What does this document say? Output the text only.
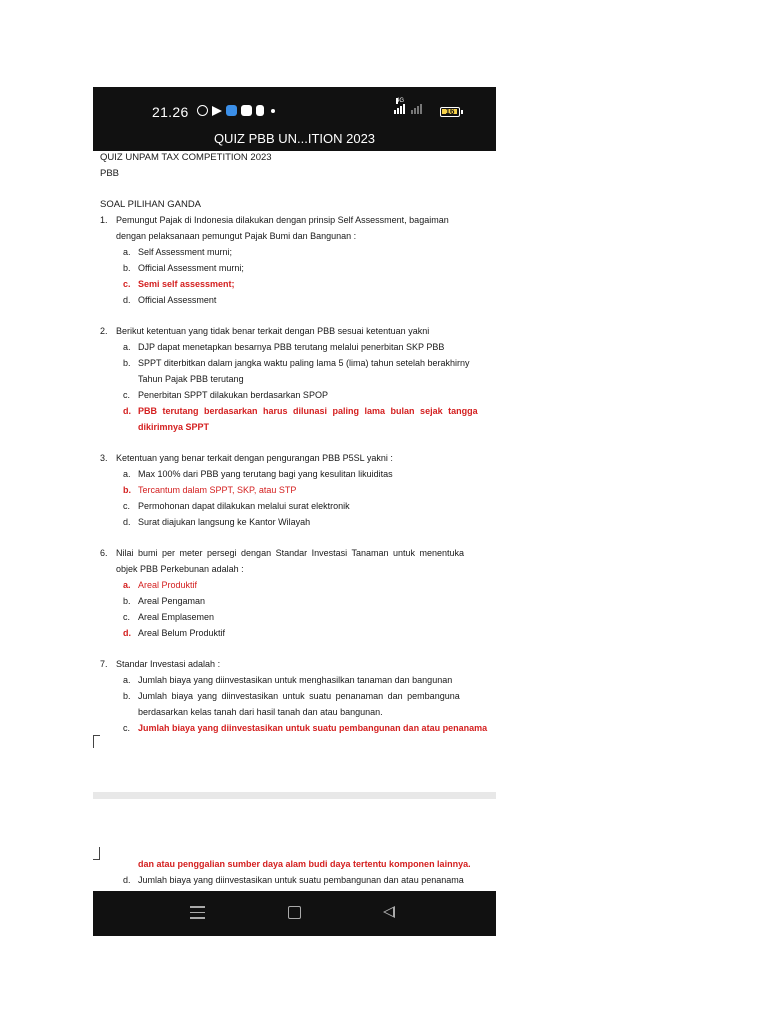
21.26
4G
16
QUIZ PBB UN...ITION 2023
QUIZ UNPAM TAX COMPETITION 2023
PBB
SOAL PILIHAN GANDA
1. Pemungut Pajak di Indonesia dilakukan dengan prinsip Self Assessment, bagaiman
dengan pelaksanaan pemungut Pajak Bumi dan Bangunan :
a. Self Assessment murni;
b. Official Assessment murni;
c. Semi self assessment;
d. Official Assessment
2. Berikut ketentuan yang tidak benar terkait dengan PBB sesuai ketentuan yakni
a. DJP dapat menetapkan besarnya PBB terutang melalui penerbitan SKP PBB
b. SPPT diterbitkan dalam jangka waktu paling lama 5 (lima) tahun setelah berakhirny
Tahun Pajak PBB terutang
c. Penerbitan SPPT dilakukan berdasarkan SPOP
d. PBB terutang berdasarkan harus dilunasi paling lama bulan sejak tangga
dikirimnya SPPT
3. Ketentuan yang benar terkait dengan pengurangan PBB P5SL yakni :
a. Max 100% dari PBB yang terutang bagi yang kesulitan likuiditas
b. Tercantum dalam SPPT, SKP, atau STP
c. Permohonan dapat dilakukan melalui surat elektronik
d. Surat diajukan langsung ke Kantor Wilayah
6. Nilai bumi per meter persegi dengan Standar Investasi Tanaman untuk menentuka
objek PBB Perkebunan adalah :
a. Areal Produktif
b. Areal Pengaman
c. Areal Emplasemen
d. Areal Belum Produktif
7. Standar Investasi adalah :
a. Jumlah biaya yang diinvestasikan untuk menghasilkan tanaman dan bangunan
b. Jumlah biaya yang diinvestasikan untuk suatu penanaman dan pembanguna
berdasarkan kelas tanah dari hasil tanah dan atau bangunan.
c. Jumlah biaya yang diinvestasikan untuk suatu pembangunan dan atau penanama
dan atau penggalian sumber daya alam budi daya tertentu komponen lainnya.
d. Jumlah biaya yang diinvestasikan untuk suatu pembangunan dan atau penanama
